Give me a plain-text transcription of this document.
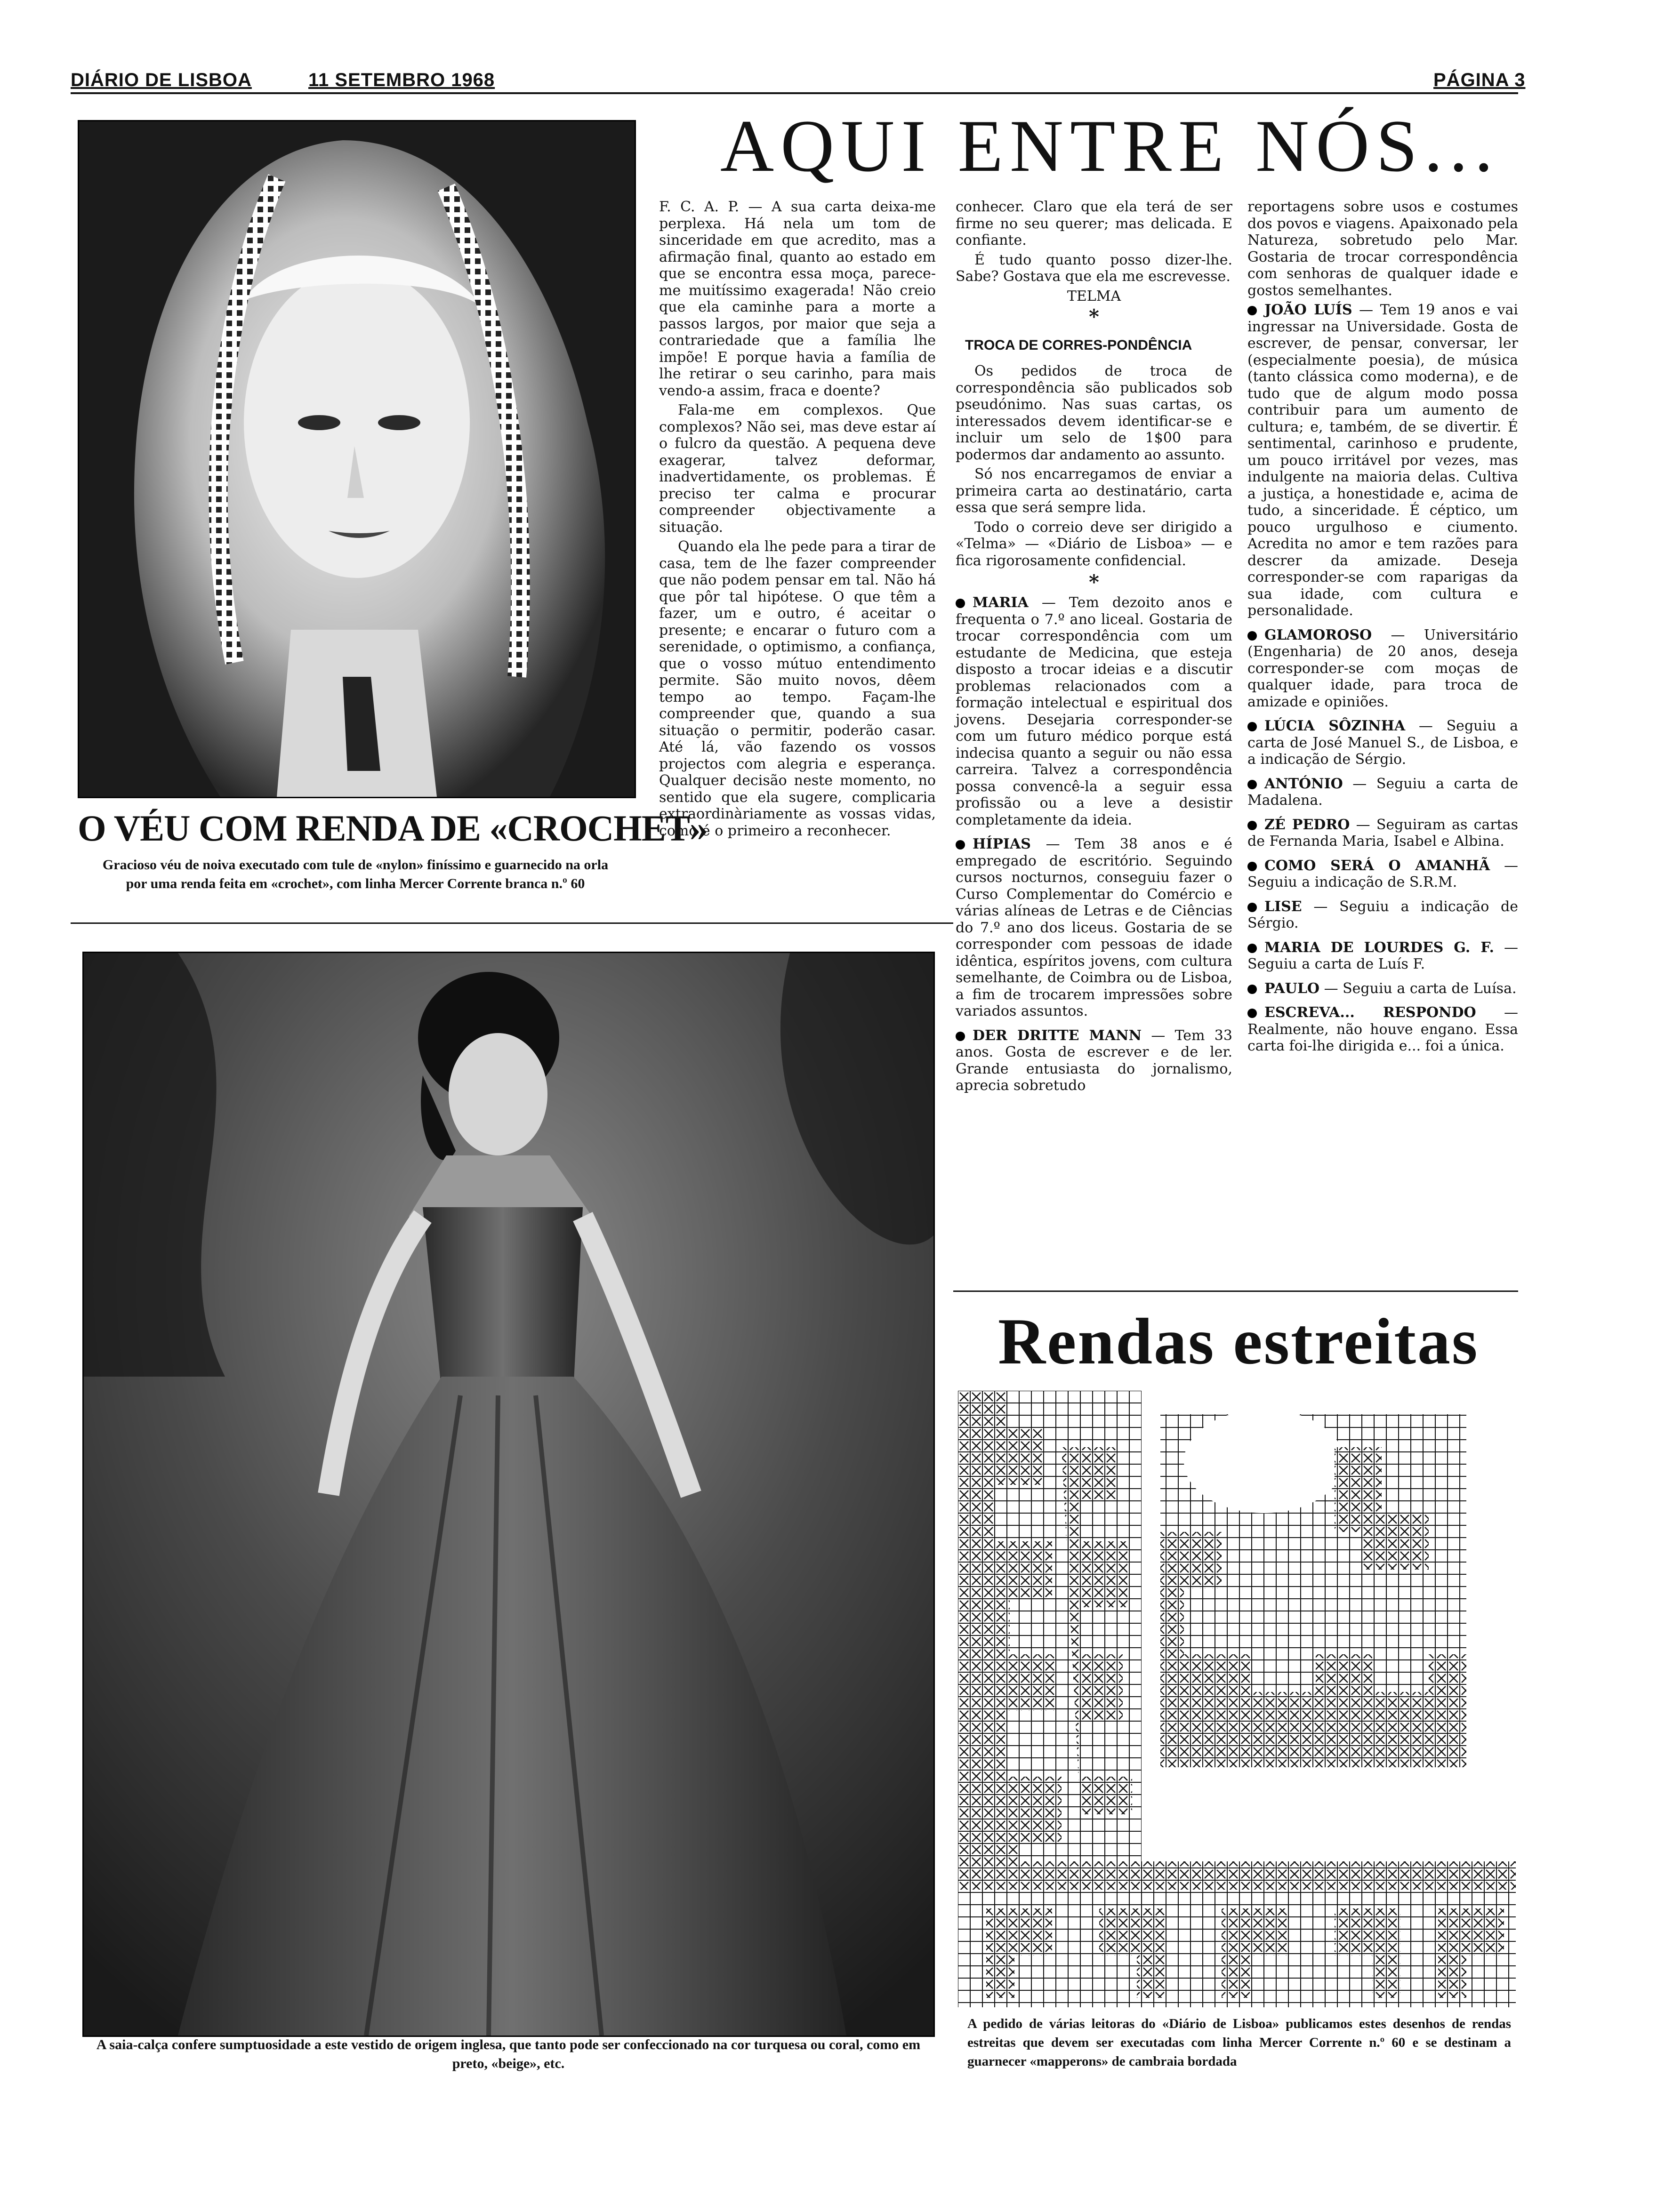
DIÁRIO DE LISBOA	11 SETEMBRO 1968	PÁGINA 3
O VÉU COM RENDA DE «CROCHET»
Gracioso véu de noiva executado com tule de «nylon» finíssimo e guarnecido na orla por uma renda feita em «crochet», com linha Mercer Corrente branca n.º 60
A saia-calça confere sumptuosidade a este vestido de origem inglesa, que tanto pode ser confeccionado na cor turquesa ou coral, como em preto, «beige», etc.
AQUI ENTRE NÓS...

F. C. A. P. — A sua carta deixa-me perplexa. Há nela um tom de sinceridade em que acredito, mas a afirmação final, quanto ao estado em que se encontra essa moça, parece-me muitíssimo exagerada! Não creio que ela caminhe para a morte a passos largos, por maior que seja a contrariedade que a família lhe impõe! E porque havia a família de lhe retirar o seu carinho, para mais vendo-a assim, fraca e doente?

Fala-me em complexos. Que complexos? Não sei, mas deve estar aí o fulcro da questão. A pequena deve exagerar, talvez deformar, inadvertidamente, os problemas. É preciso ter calma e procurar compreender objectivamente a situação.

Quando ela lhe pede para a tirar de casa, tem de lhe fazer compreender que não podem pensar em tal. Não há que pôr tal hipótese. O que têm a fazer, um e outro, é aceitar o presente; e encarar o futuro com a serenidade, o optimismo, a confiança, que o vosso mútuo entendimento permite. São muito novos, dêem tempo ao tempo. Façam-lhe compreender que, quando a sua situação o permitir, poderão casar. Até lá, vão fazendo os vossos projectos com alegria e esperança. Qualquer decisão neste momento, no sentido que ela sugere, complicaria extraordinàriamente as vossas vidas, como é o primeiro a reconhecer.

conhecer. Claro que ela terá de ser firme no seu querer; mas delicada. E confiante.

É tudo quanto posso dizer-lhe. Sabe? Gostava que ela me escrevesse.

TELMA

*

TROCA DE CORRES-PONDÊNCIA

Os pedidos de troca de correspondência são publicados sob pseudónimo. Nas suas cartas, os interessados devem identificar-se e incluir um selo de 1$00 para podermos dar andamento ao assunto.

Só nos encarregamos de enviar a primeira carta ao destinatário, carta essa que será sempre lida.

Todo o correio deve ser dirigido a «Telma» — «Diário de Lisboa» — e fica rigorosamente confidencial.

*

MARIA — Tem dezoito anos e frequenta o 7.º ano liceal. Gostaria de trocar correspondência com um estudante de Medicina, que esteja disposto a trocar ideias e a discutir problemas relacionados com a formação intelectual e espiritual dos jovens. Desejaria corresponder-se com um futuro médico porque está indecisa quanto a seguir ou não essa carreira. Talvez a correspondência possa convencê-la a seguir essa profissão ou a leve a desistir completamente da ideia.

HÍPIAS — Tem 38 anos e é empregado de escritório. Seguindo cursos nocturnos, conseguiu fazer o Curso Complementar do Comércio e várias alíneas de Letras e de Ciências do 7.º ano dos liceus. Gostaria de se corresponder com pessoas de idade idêntica, espíritos jovens, com cultura semelhante, de Coimbra ou de Lisboa, a fim de trocarem impressões sobre variados assuntos.

DER DRITTE MANN — Tem 33 anos. Gosta de escrever e de ler. Grande entusiasta do jornalismo, aprecia sobretudo

reportagens sobre usos e costumes dos povos e viagens. Apaixonado pela Natureza, sobretudo pelo Mar. Gostaria de trocar correspondência com senhoras de qualquer idade e gostos semelhantes.

JOÃO LUÍS — Tem 19 anos e vai ingressar na Universidade. Gosta de escrever, de pensar, conversar, ler (especialmente poesia), de música (tanto clássica como moderna), e de tudo que de algum modo possa contribuir para um aumento de cultura; e, também, de se divertir. É sentimental, carinhoso e prudente, um pouco irritável por vezes, mas indulgente na maioria delas. Cultiva a justiça, a honestidade e, acima de tudo, a sinceridade. É céptico, um pouco urgulhoso e ciumento. Acredita no amor e tem razões para descrer da amizade. Deseja corresponder-se com raparigas da sua idade, com cultura e personalidade.

GLAMOROSO — Universitário (Engenharia) de 20 anos, deseja corresponder-se com moças de qualquer idade, para troca de amizade e opiniões.

LÚCIA SÔZINHA — Seguiu a carta de José Manuel S., de Lisboa, e a indicação de Sérgio.

ANTÓNIO — Seguiu a carta de Madalena.

ZÉ PEDRO — Seguiram as cartas de Fernanda Maria, Isabel e Albina.

COMO SERÁ O AMANHÃ — Seguiu a indicação de S.R.M.

LISE — Seguiu a indicação de Sérgio.

MARIA DE LOURDES G. F. — Seguiu a carta de Luís F.

PAULO — Seguiu a carta de Luísa.

ESCREVA... RESPONDO — Realmente, não houve engano. Essa carta foi-lhe dirigida e... foi a única.

Rendas estreitas
A pedido de várias leitoras do «Diário de Lisboa» publicamos estes desenhos de rendas estreitas que devem ser executadas com linha Mercer Corrente n.º 60 e se destinam a guarnecer «mapperons» de cambraia bordada
